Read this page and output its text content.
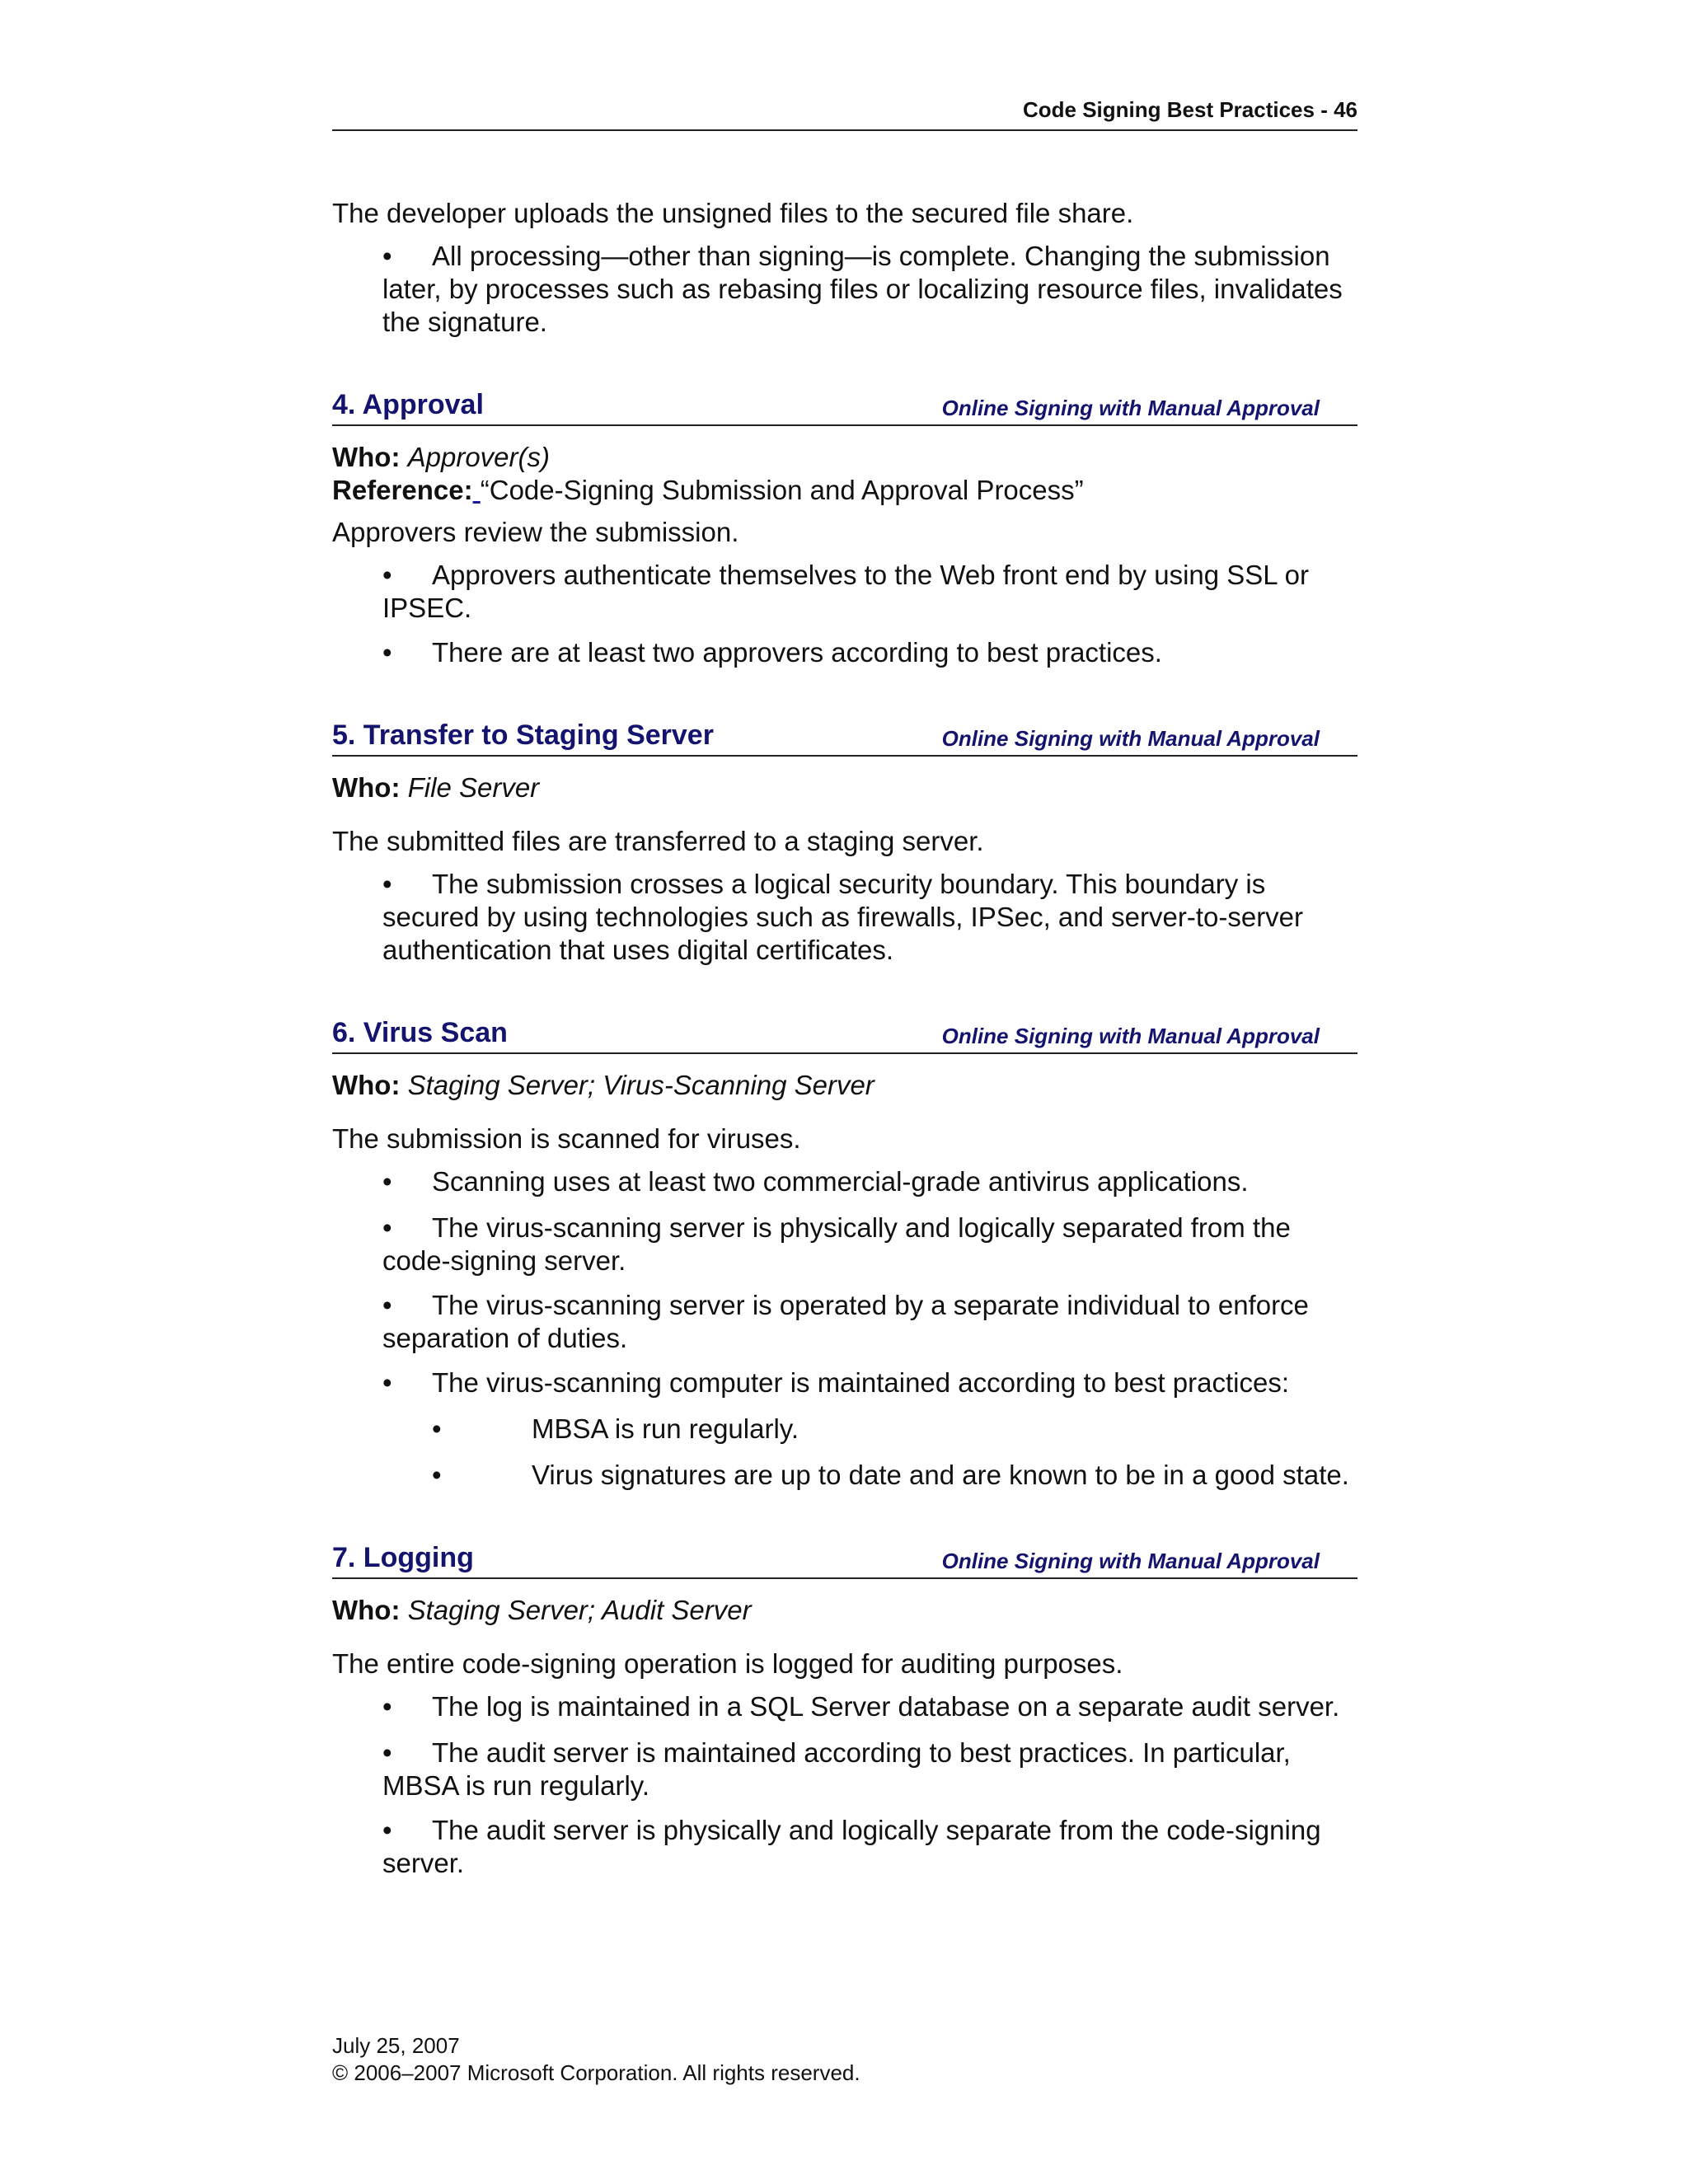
Code Signing Best Practices - 46

The developer uploads the unsigned files to the secured file share.

• All processing—other than signing—is complete. Changing the submission later, by processes such as rebasing files or localizing resource files, invalidates the signature.
4. Approval	Online Signing with Manual Approval
Who: Approver(s)
Reference: “Code-Signing Submission and Approval Process”

Approvers review the submission.

• Approvers authenticate themselves to the Web front end by using SSL or IPSEC.
• There are at least two approvers according to best practices.
5. Transfer to Staging Server	Online Signing with Manual Approval
Who: File Server

The submitted files are transferred to a staging server.

• The submission crosses a logical security boundary. This boundary is secured by using technologies such as firewalls, IPSec, and server-to-server authentication that uses digital certificates.
6. Virus Scan	Online Signing with Manual Approval
Who: Staging Server; Virus-Scanning Server

The submission is scanned for viruses.

• Scanning uses at least two commercial-grade antivirus applications.
• The virus-scanning server is physically and logically separated from the code-signing server.
• The virus-scanning server is operated by a separate individual to enforce separation of duties.
• The virus-scanning computer is maintained according to best practices:
•	MBSA is run regularly.
•	Virus signatures are up to date and are known to be in a good state.
7. Logging	Online Signing with Manual Approval
Who: Staging Server; Audit Server

The entire code-signing operation is logged for auditing purposes.

• The log is maintained in a SQL Server database on a separate audit server.
• The audit server is maintained according to best practices. In particular, MBSA is run regularly.
• The audit server is physically and logically separate from the code-signing server.
July 25, 2007
© 2006–2007 Microsoft Corporation. All rights reserved.
